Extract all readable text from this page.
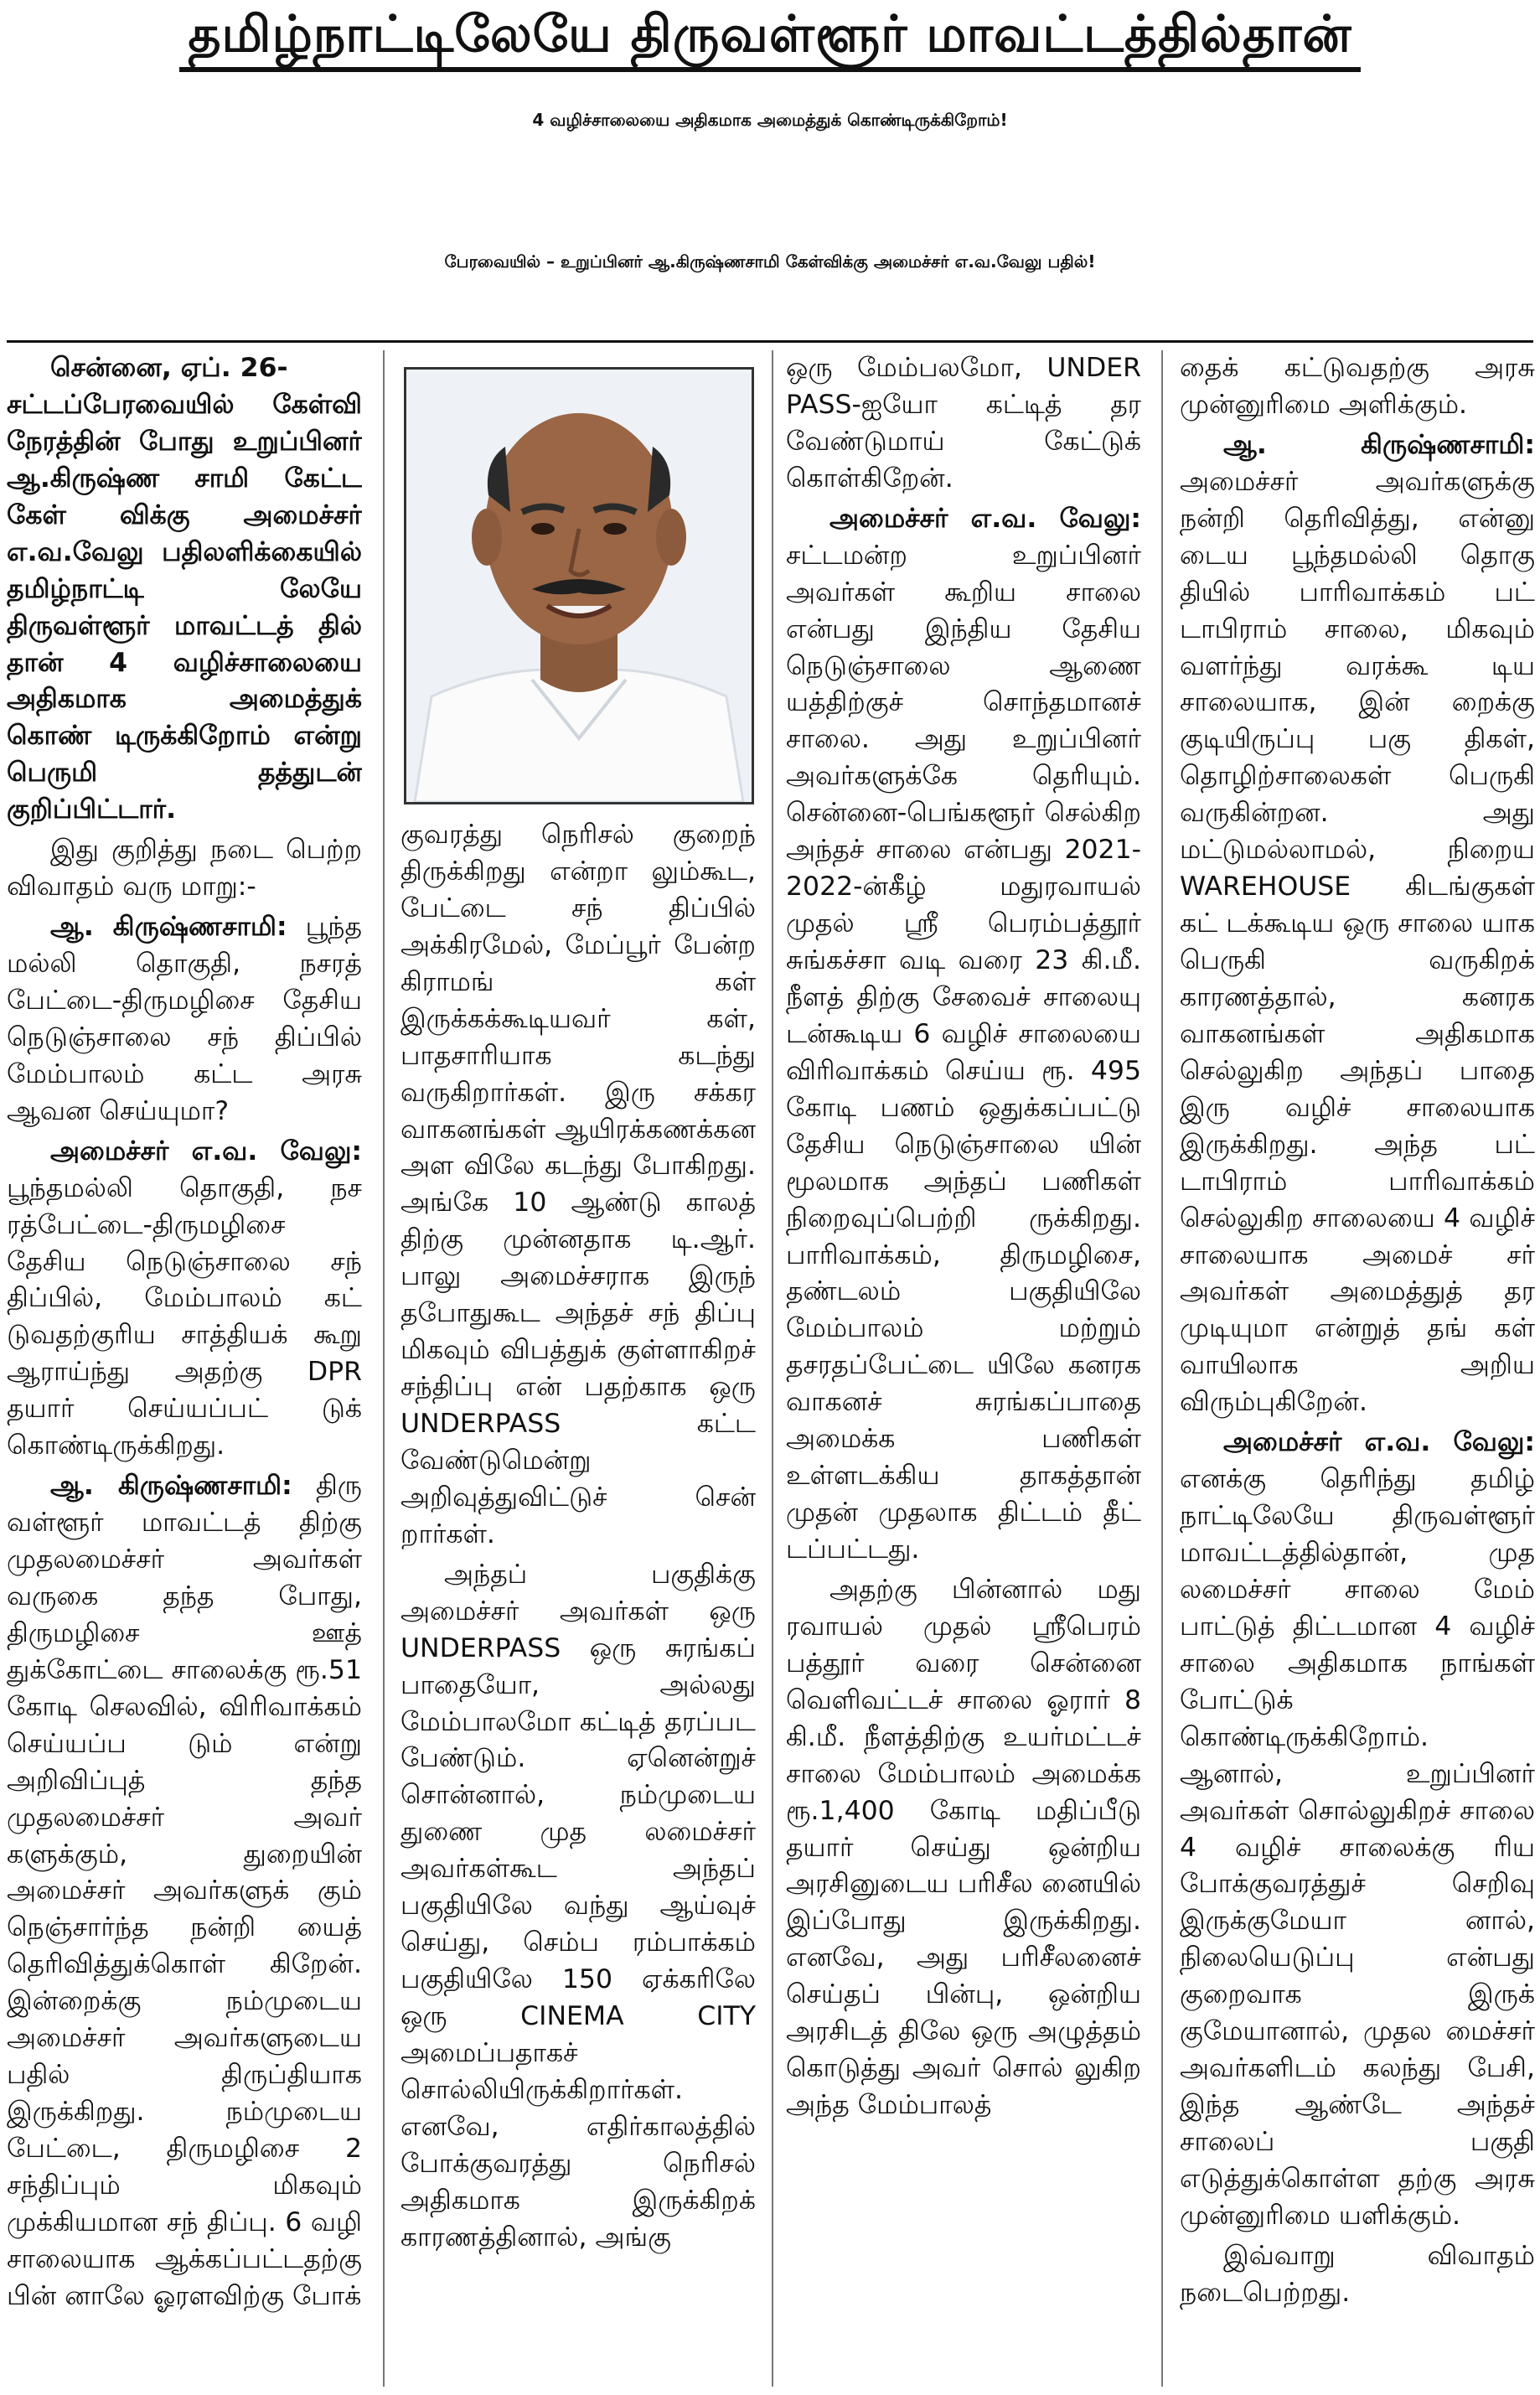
தமிழ்நாட்டிலேயே திருவள்ளூர் மாவட்டத்தில்தான்
4 வழிச்சாலையை அதிகமாக அமைத்துக் கொண்டிருக்கிறோம்!
பேரவையில் – உறுப்பினர் ஆ.கிருஷ்ணசாமி கேள்விக்கு அமைச்சர் எ.வ.வேலு பதில்!

சென்னை, ஏப். 26-
சட்டப்பேரவையில் கேள்வி நேரத்தின் போது உறுப்பினர் ஆ.கிருஷ்ண சாமி கேட்ட கேள் விக்கு அமைச்சர் எ.வ.வேலு பதிலளிக்கையில் தமிழ்நாட்டி லேயே திருவள்ளூர் மாவட்டத் தில் தான் 4 வழிச்சாலையை அதிகமாக அமைத்துக் கொண் டிருக்கிறோம் என்று பெருமி தத்துடன் குறிப்பிட்டார்.

இது குறித்து நடை பெற்ற விவாதம் வரு மாறு:-

ஆ. கிருஷ்ணசாமி: பூந்த மல்லி தொகுதி, நசரத் பேட்டை-திருமழிசை தேசிய நெடுஞ்சாலை சந் திப்பில் மேம்பாலம் கட்ட அரசு ஆவன செய்யுமா?

அமைச்சர் எ.வ. வேலு: பூந்தமல்லி தொகுதி, நச ரத்பேட்டை-திருமழிசை தேசிய நெடுஞ்சாலை சந் திப்பில், மேம்பாலம் கட் டுவதற்குரிய சாத்தியக் கூறு ஆராய்ந்து அதற்கு DPR தயார் செய்யப்பட் டுக் கொண்டிருக்கிறது.

ஆ. கிருஷ்ணசாமி: திரு வள்ளூர் மாவட்டத் திற்கு முதலமைச்சர் அவர்கள் வருகை தந்த போது, திருமழிசை ஊத் துக்கோட்டை சாலைக்கு ரூ.51 கோடி செலவில், விரிவாக்கம் செய்யப்ப டும் என்று அறிவிப்புத் தந்த முதலமைச்சர் அவர் களுக்கும், துறையின் அமைச்சர் அவர்களுக் கும் நெஞ்சார்ந்த நன்றி யைத் தெரிவித்துக்கொள் கிறேன். இன்றைக்கு நம்முடைய அமைச்சர் அவர்களுடைய பதில் திருப்தியாக இருக்கிறது. நம்முடைய பேட்டை, திருமழிசை 2 சந்திப்பும் மிகவும் முக்கியமான சந் திப்பு. 6 வழி சாலையாக ஆக்கப்பட்டதற்கு பின் னாலே ஓரளவிற்கு போக்

குவரத்து நெரிசல் குறைந் திருக்கிறது என்றா லும்கூட, பேட்டை சந் திப்பில் அக்கிரமேல், மேப்பூர் பேன்ற கிராமங் கள் இருக்கக்கூடியவர் கள், பாதசாரியாக கடந்து வருகிறார்கள். இரு சக்கர வாகனங்கள் ஆயிரக்கணக்கன அள விலே கடந்து போகிறது. அங்கே 10 ஆண்டு காலத் திற்கு முன்னதாக டி.ஆர். பாலு அமைச்சராக இருந் தபோதுகூட அந்தச் சந் திப்பு மிகவும் விபத்துக் குள்ளாகிறச் சந்திப்பு என் பதற்காக ஒரு UNDERPASS கட்ட வேண்டுமென்று அறிவுத்துவிட்டுச் சென் றார்கள்.

அந்தப் பகுதிக்கு அமைச்சர் அவர்கள் ஒரு UNDERPASS ஒரு சுரங்கப் பாதையோ, அல்லது மேம்பாலமோ கட்டித் தரப்பட பேண்டும். ஏனென்றுச் சொன்னால், நம்முடைய துணை முத லமைச்சர் அவர்கள்கூட அந்தப் பகுதியிலே வந்து ஆய்வுச் செய்து, செம்ப ரம்பாக்கம் பகுதியிலே 150 ஏக்கரிலே ஒரு CINEMA CITY அமைப்பதாகச் சொல்லியிருக்கிறார்கள். எனவே, எதிர்காலத்தில் போக்குவரத்து நெரிசல் அதிகமாக இருக்கிறக் காரணத்தினால், அங்கு

ஒரு மேம்பலமோ, UNDER PASS-ஐயோ கட்டித் தர வேண்டுமாய் கேட்டுக் கொள்கிறேன்.

அமைச்சர் எ.வ. வேலு: சட்டமன்ற உறுப்பினர் அவர்கள் கூறிய சாலை என்பது இந்திய தேசிய நெடுஞ்சாலை ஆணை யத்திற்குச் சொந்தமானச் சாலை. அது உறுப்பினர் அவர்களுக்கே தெரியும். சென்னை-பெங்களூர் செல்கிற அந்தச் சாலை என்பது 2021-2022-ன்கீழ் மதுரவாயல் முதல் ஸ்ரீ பெரம்பத்தூர் சுங்கச்சா வடி வரை 23 கி.மீ. நீளத் திற்கு சேவைச் சாலையு டன்கூடிய 6 வழிச் சாலையை விரிவாக்கம் செய்ய ரூ. 495 கோடி பணம் ஒதுக்கப்பட்டு தேசிய நெடுஞ்சாலை யின் மூலமாக அந்தப் பணிகள் நிறைவுப்பெற்றி ருக்கிறது. பாரிவாக்கம், திருமழிசை, தண்டலம் பகுதியிலே மேம்பாலம் மற்றும் தசரதப்பேட்டை யிலே கனரக வாகனச் சுரங்கப்பாதை அமைக்க பணிகள் உள்ளடக்கிய தாகத்தான் முதன் முதலாக திட்டம் தீட் டப்பட்டது.

அதற்கு பின்னால் மது ரவாயல் முதல் ஸ்ரீபெரம் பத்தூர் வரை சென்னை வெளிவட்டச் சாலை ஓரார் 8 கி.மீ. நீளத்திற்கு உயர்மட்டச் சாலை மேம்பாலம் அமைக்க ரூ.1,400 கோடி மதிப்பீடு தயார் செய்து ஒன்றிய அரசினுடைய பரிசீல னையில் இப்போது இருக்கிறது. எனவே, அது பரிசீலனைச் செய்தப் பின்பு, ஒன்றிய அரசிடத் திலே ஒரு அழுத்தம் கொடுத்து அவர் சொல் லுகிற அந்த மேம்பாலத்

தைக் கட்டுவதற்கு அரசு முன்னுரிமை அளிக்கும்.

ஆ. கிருஷ்ணசாமி: அமைச்சர் அவர்களுக்கு நன்றி தெரிவித்து, என்னு டைய பூந்தமல்லி தொகு தியில் பாரிவாக்கம் பட் டாபிராம் சாலை, மிகவும் வளர்ந்து வரக்கூ டிய சாலையாக, இன் றைக்கு குடியிருப்பு பகு திகள், தொழிற்சாலைகள் பெருகி வருகின்றன. அது மட்டுமல்லாமல், நிறைய WAREHOUSE கிடங்குகள் கட் டக்கூடிய ஒரு சாலை யாக பெருகி வருகிறக் காரணத்தால், கனரக வாகனங்கள் அதிகமாக செல்லுகிற அந்தப் பாதை இரு வழிச் சாலையாக இருக்கிறது. அந்த பட் டாபிராம் பாரிவாக்கம் செல்லுகிற சாலையை 4 வழிச் சாலையாக அமைச் சர் அவர்கள் அமைத்துத் தர முடியுமா என்றுத் தங் கள் வாயிலாக அறிய விரும்புகிறேன்.

அமைச்சர் எ.வ. வேலு: எனக்கு தெரிந்து தமிழ் நாட்டிலேயே திருவள்ளூர் மாவட்டத்தில்தான், முத லமைச்சர் சாலை மேம் பாட்டுத் திட்டமான 4 வழிச் சாலை அதிகமாக நாங்கள் போட்டுக் கொண்டிருக்கிறோம். ஆனால், உறுப்பினர் அவர்கள் சொல்லுகிறச் சாலை 4 வழிச் சாலைக்கு ரிய போக்குவரத்துச் செறிவு இருக்குமேயா னால், நிலையெடுப்பு என்பது குறைவாக இருக் குமேயானால், முதல மைச்சர் அவர்களிடம் கலந்து பேசி, இந்த ஆண்டே அந்தச் சாலைப் பகுதி எடுத்துக்கொள்ள தற்கு அரசு முன்னுரிமை யளிக்கும்.

இவ்வாறு விவாதம் நடைபெற்றது.
